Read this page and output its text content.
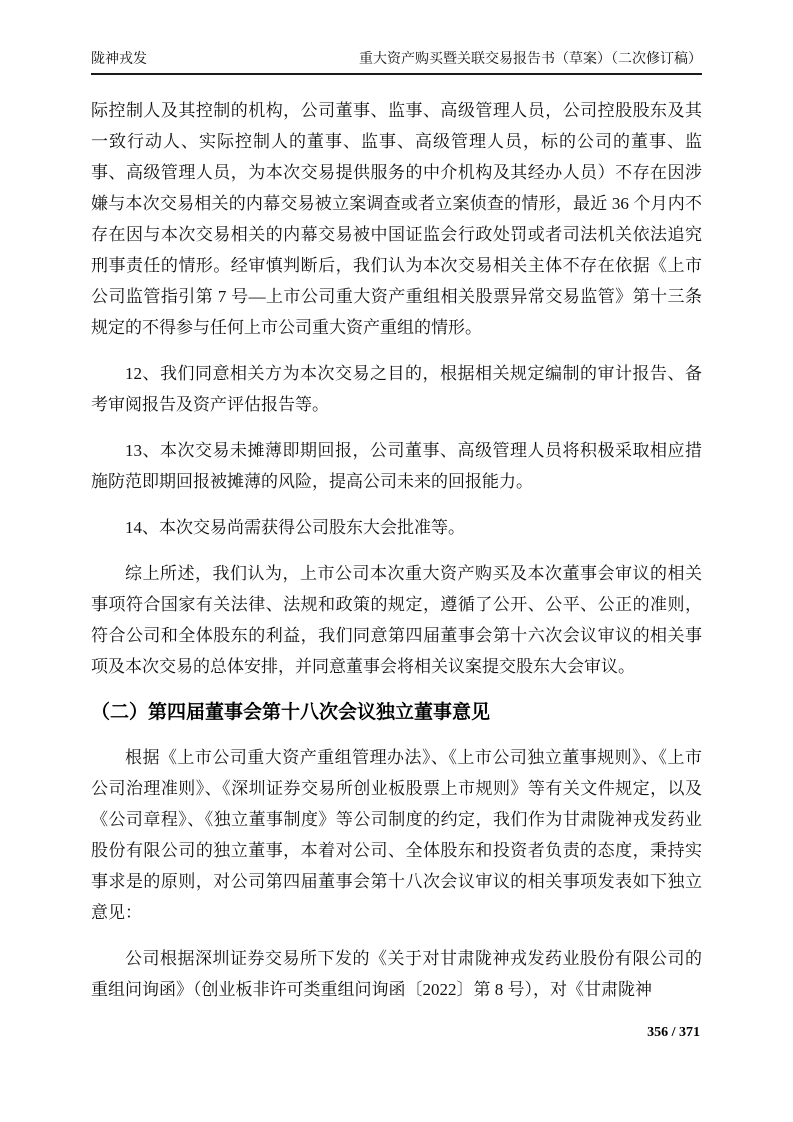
陇神戎发	重大资产购买暨关联交易报告书（草案）（二次修订稿）

际控制人及其控制的机构，公司董事、监事、高级管理人员，公司控股股东及其一致行动人、实际控制人的董事、监事、高级管理人员，标的公司的董事、监事、高级管理人员，为本次交易提供服务的中介机构及其经办人员）不存在因涉嫌与本次交易相关的内幕交易被立案调查或者立案侦查的情形，最近 36 个月内不存在因与本次交易相关的内幕交易被中国证监会行政处罚或者司法机关依法追究刑事责任的情形。经审慎判断后，我们认为本次交易相关主体不存在依据《上市公司监管指引第 7 号—上市公司重大资产重组相关股票异常交易监管》第十三条规定的不得参与任何上市公司重大资产重组的情形。

12、我们同意相关方为本次交易之目的，根据相关规定编制的审计报告、备考审阅报告及资产评估报告等。

13、本次交易未摊薄即期回报，公司董事、高级管理人员将积极采取相应措施防范即期回报被摊薄的风险，提高公司未来的回报能力。

14、本次交易尚需获得公司股东大会批准等。

综上所述，我们认为，上市公司本次重大资产购买及本次董事会审议的相关事项符合国家有关法律、法规和政策的规定，遵循了公开、公平、公正的准则，符合公司和全体股东的利益，我们同意第四届董事会第十六次会议审议的相关事项及本次交易的总体安排，并同意董事会将相关议案提交股东大会审议。

（二）第四届董事会第十八次会议独立董事意见

根据《上市公司重大资产重组管理办法》、《上市公司独立董事规则》、《上市公司治理准则》、《深圳证券交易所创业板股票上市规则》等有关文件规定，以及《公司章程》、《独立董事制度》等公司制度的约定，我们作为甘肃陇神戎发药业股份有限公司的独立董事，本着对公司、全体股东和投资者负责的态度，秉持实事求是的原则，对公司第四届董事会第十八次会议审议的相关事项发表如下独立意见：

公司根据深圳证券交易所下发的《关于对甘肃陇神戎发药业股份有限公司的重组问询函》（创业板非许可类重组问询函〔2022〕第 8 号），对《甘肃陇神

356 / 371
